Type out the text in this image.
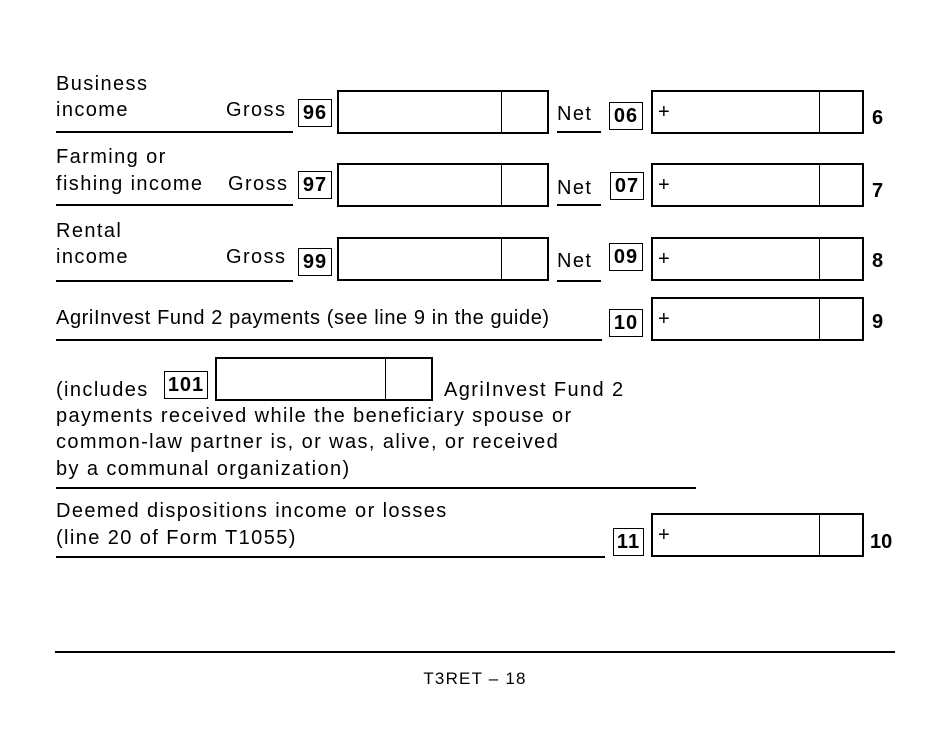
Business
income	Gross 96	Net 06 +	6
Farming or
fishing income Gross 97	Net 07 +	7
Rental
income	Gross 99	Net 09 +	8
AgriInvest Fund 2 payments (see line 9 in the guide)	10 +	9
(includes 101	AgriInvest Fund 2
payments received while the beneficiary spouse or
common-law partner is, or was, alive, or received
by a communal organization)
Deemed dispositions income or losses
(line 20 of Form T1055)	11 +	10
T3RET – 18
